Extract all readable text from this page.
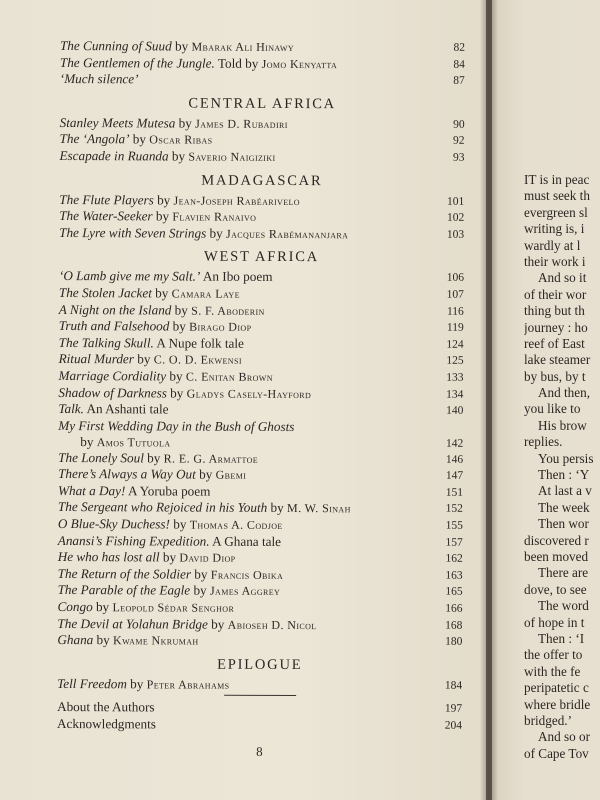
The Cunning of Suud by Mbarak Ali Hinawy	82
The Gentlemen of the Jungle. Told by Jomo Kenyatta	84
‘Much silence’	87
CENTRAL AFRICA
Stanley Meets Mutesa by James D. Rubadiri	90
The ‘Angola’ by Oscar Ribas	92
Escapade in Ruanda by Saverio Naigiziki	93
MADAGASCAR
The Flute Players by Jean-Joseph Rabéarivelo	101
The Water-Seeker by Flavien Ranaivo	102
The Lyre with Seven Strings by Jacques Rabémananjara	103
WEST AFRICA
‘O Lamb give me my Salt.’ An Ibo poem	106
The Stolen Jacket by Camara Laye	107
A Night on the Island by S. F. Aboderin	116
Truth and Falsehood by Birago Diop	119
The Talking Skull. A Nupe folk tale	124
Ritual Murder by C. O. D. Ekwensi	125
Marriage Cordiality by C. Enitan Brown	133
Shadow of Darkness by Gladys Casely-Hayford	134
Talk. An Ashanti tale	140
My First Wedding Day in the Bush of Ghosts
by Amos Tutuola	142
The Lonely Soul by R. E. G. Armattoe	146
There’s Always a Way Out by Gbemi	147
What a Day! A Yoruba poem	151
The Sergeant who Rejoiced in his Youth by M. W. Sinah	152
O Blue-Sky Duchess! by Thomas A. Codjoe	155
Anansi’s Fishing Expedition. A Ghana tale	157
He who has lost all by David Diop	162
The Return of the Soldier by Francis Obika	163
The Parable of the Eagle by James Aggrey	165
Congo by Leopold Sédar Senghor	166
The Devil at Yolahun Bridge by Abioseh D. Nicol	168
Ghana by Kwame Nkrumah	180
EPILOGUE
Tell Freedom by Peter Abrahams	184
About the Authors	197
Acknowledgments	204
8
IT is in peac
must seek th
evergreen sl
writing is, i
wardly at l
their work i
And so it
of their wor
thing but th
journey : ho
reef of East
lake steamer
by bus, by t
And then,
you like to
His brow
replies.
You persis
Then : ‘Y
At last a v
The week
Then wor
discovered r
been moved
There are
dove, to see
The word
of hope in t
Then : ‘I
the offer to
with the fe
peripatetic c
where bridle
bridged.’
And so or
of Cape Tov
